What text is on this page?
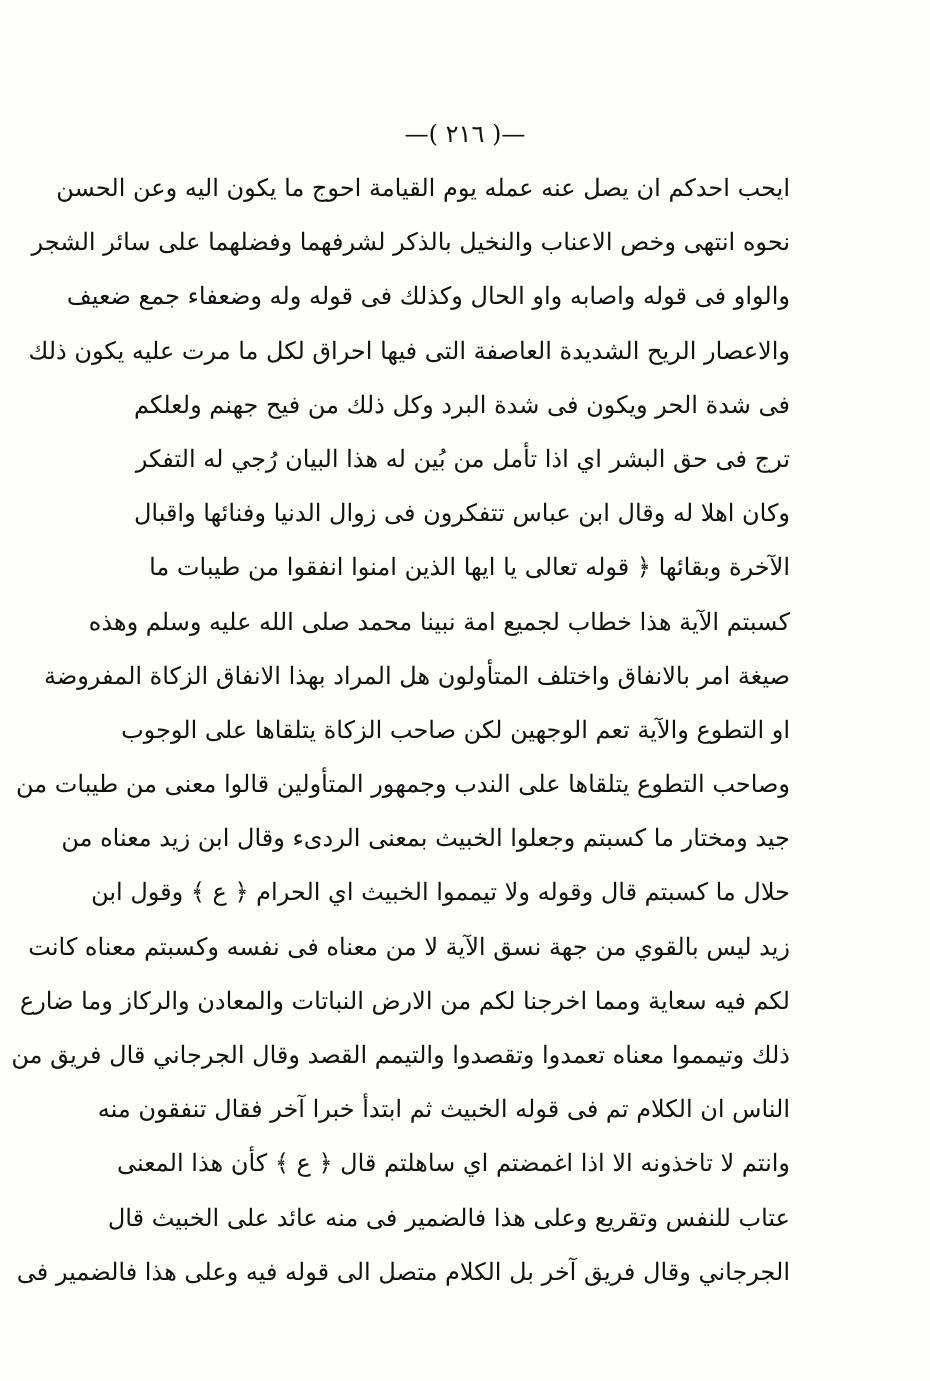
—( ٢١٦ )—
ايحب احدكم ان يصل عنه عمله يوم القيامة احوج ما يكون اليه وعن الحسن
نحوه انتهى وخص الاعناب والنخيل بالذكر لشرفهما وفضلهما على سائر الشجر
والواو فى قوله واصابه واو الحال وكذلك فى قوله وله وضعفاء جمع ضعيف
والاعصار الريح الشديدة العاصفة التى فيها احراق لكل ما مرت عليه يكون ذلك
فى شدة الحر ويكون فى شدة البرد وكل ذلك من فيح جهنم ولعلكم
ترج فى حق البشر اي اذا تأمل من بُين له هذا البيان رُجي له التفكر
وكان اهلا له وقال ابن عباس تتفكرون فى زوال الدنيا وفنائها واقبال
الآخرة وبقائها ﴿ قوله تعالى يا ايها الذين امنوا انفقوا من طيبات ما
كسبتم الآية هذا خطاب لجميع امة نبينا محمد صلى الله عليه وسلم وهذه
صيغة امر بالانفاق واختلف المتأولون هل المراد بهذا الانفاق الزكاة المفروضة
او التطوع والآية تعم الوجهين لكن صاحب الزكاة يتلقاها على الوجوب
وصاحب التطوع يتلقاها على الندب وجمهور المتأولين قالوا معنى من طيبات من
جيد ومختار ما كسبتم وجعلوا الخبيث بمعنى الردىء وقال ابن زيد معناه من
حلال ما كسبتم قال وقوله ولا تيمموا الخبيث اي الحرام ﴿ ع ﴾ وقول ابن
زيد ليس بالقوي من جهة نسق الآية لا من معناه فى نفسه وكسبتم معناه كانت
لكم فيه سعاية ومما اخرجنا لكم من الارض النباتات والمعادن والركاز وما ضارع
ذلك وتيمموا معناه تعمدوا وتقصدوا والتيمم القصد وقال الجرجاني قال فريق من
الناس ان الكلام تم فى قوله الخبيث ثم ابتدأ خبرا آخر فقال تنفقون منه
وانتم لا تاخذونه الا اذا اغمضتم اي ساهلتم قال ﴿ ع ﴾ كأن هذا المعنى
عتاب للنفس وتقريع وعلى هذا فالضمير فى منه عائد على الخبيث قال
الجرجاني وقال فريق آخر بل الكلام متصل الى قوله فيه وعلى هذا فالضمير فى
